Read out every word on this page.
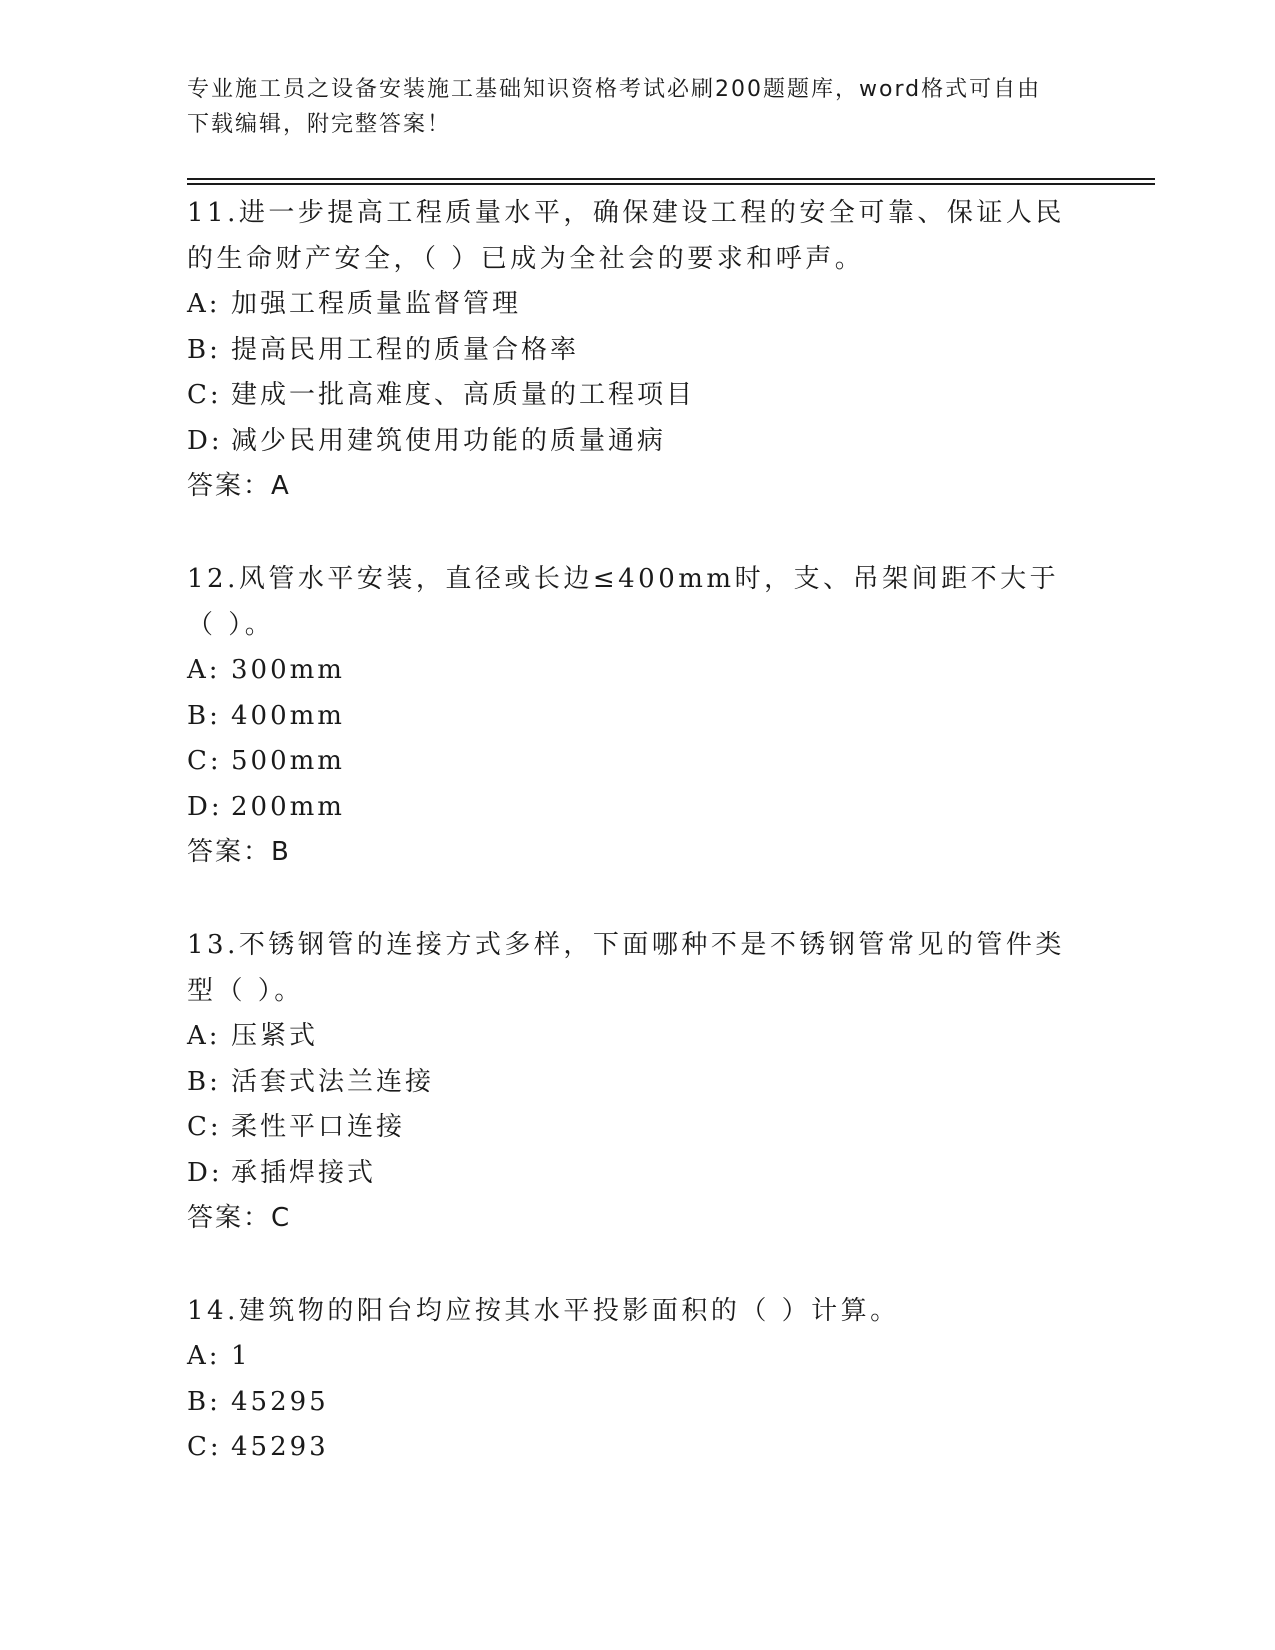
专业施工员之设备安装施工基础知识资格考试必刷200题题库，word格式可自由
下载编辑，附完整答案！

11 . 进一步提高工程质量水平，确保建设工程的安全可靠、保证人民的生命财产安全，（ ）已成为全社会的要求和呼声。

A: 加强工程质量监督管理

B: 提高民用工程的质量合格率

C: 建成一批高难度、高质量的工程项目

D: 减少民用建筑使用功能的质量通病

答案：A

12 . 风管水平安装，直径或长边≤400mm时，支、吊架间距不大于（ ）。

A: 300mm

B: 400mm

C: 500mm

D: 200mm

答案：B

13 . 不锈钢管的连接方式多样，下面哪种不是不锈钢管常见的管件类型（ ）。

A: 压紧式

B: 活套式法兰连接

C: 柔性平口连接

D: 承插焊接式

答案：C

14 . 建筑物的阳台均应按其水平投影面积的（ ）计算。

A: 1

B: 45295

C: 45293
